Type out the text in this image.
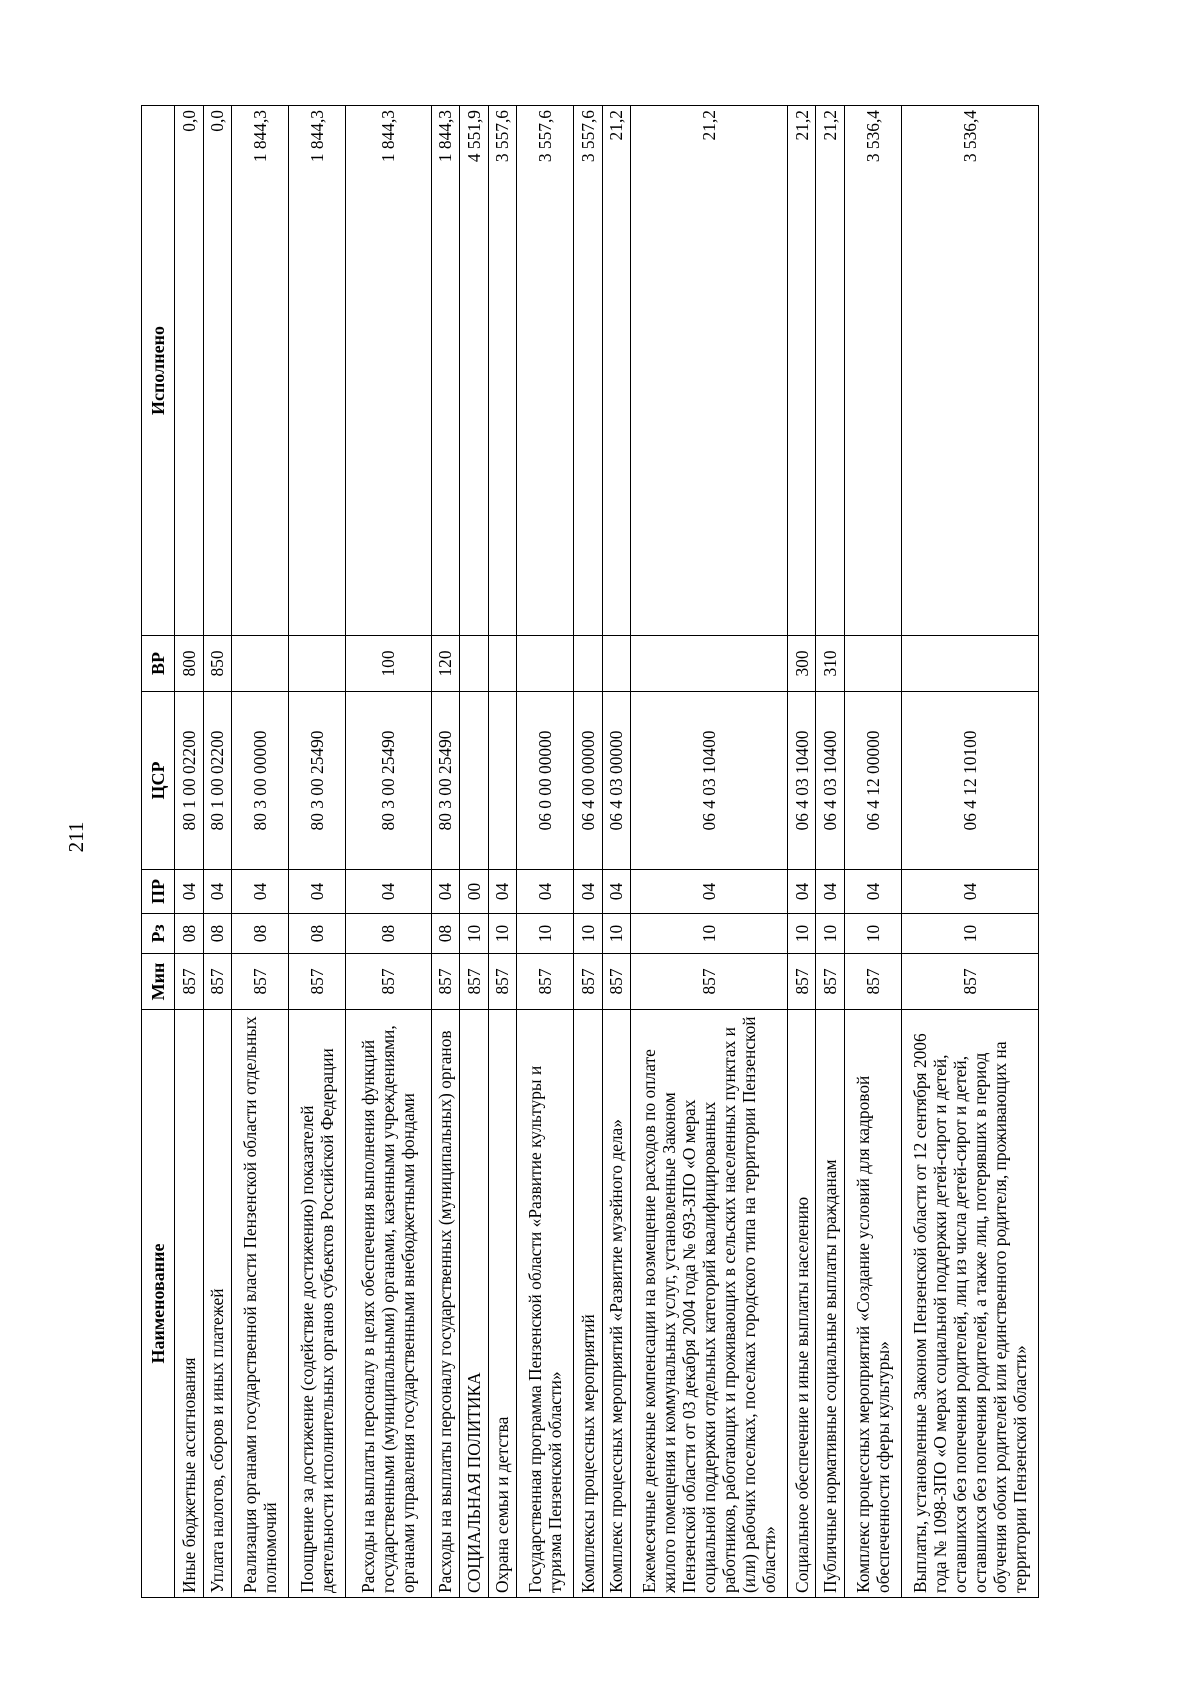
211
Наименование	Мин	Рз	ПР	ЦСР	ВР	Исполнено
Иные бюджетные ассигнования	857	08	04	80 1 00 02200	800	0,0
Уплата налогов, сборов и иных платежей	857	08	04	80 1 00 02200	850	0,0
Реализация органами государственной власти Пензенской области отдельных полномочий	857	08	04	80 3 00 00000		1 844,3
Поощрение за достижение (содействие достижению) показателей деятельности исполнительных органов субъектов Российской Федерации	857	08	04	80 3 00 25490		1 844,3
Расходы на выплаты персоналу в целях обеспечения выполнения функций государственными (муниципальными) органами, казенными учреждениями, органами управления государственными внебюджетными фондами	857	08	04	80 3 00 25490	100	1 844,3
Расходы на выплаты персоналу государственных (муниципальных) органов	857	08	04	80 3 00 25490	120	1 844,3
СОЦИАЛЬНАЯ ПОЛИТИКА	857	10	00			4 551,9
Охрана семьи и детства	857	10	04			3 557,6
Государственная программа Пензенской области «Развитие культуры и туризма Пензенской области»	857	10	04	06 0 00 00000		3 557,6
Комплексы процессных мероприятий	857	10	04	06 4 00 00000		3 557,6
Комплекс процессных мероприятий «Развитие музейного дела»	857	10	04	06 4 03 00000		21,2
Ежемесячные денежные компенсации на возмещение расходов по оплате жилого помещения и коммунальных услуг, установленные Законом Пензенской области от 03 декабря 2004 года № 693-ЗПО «О мерах социальной поддержки отдельных категорий квалифицированных работников, работающих и проживающих в сельских населенных пунктах и (или) рабочих поселках, поселках городского типа на территории Пензенской области»	857	10	04	06 4 03 10400		21,2
Социальное обеспечение и иные выплаты населению	857	10	04	06 4 03 10400	300	21,2
Публичные нормативные социальные выплаты гражданам	857	10	04	06 4 03 10400	310	21,2
Комплекс процессных мероприятий «Создание условий для кадровой обеспеченности сферы культуры»	857	10	04	06 4 12 00000		3 536,4
Выплаты, установленные Законом Пензенской области от 12 сентября 2006 года № 1098-ЗПО «О мерах социальной поддержки детей-сирот и детей, оставшихся без попечения родителей, лиц из числа детей-сирот и детей, оставшихся без попечения родителей, а также лиц, потерявших в период обучения обоих родителей или единственного родителя, проживающих на территории Пензенской области»	857	10	04	06 4 12 10100		3 536,4
